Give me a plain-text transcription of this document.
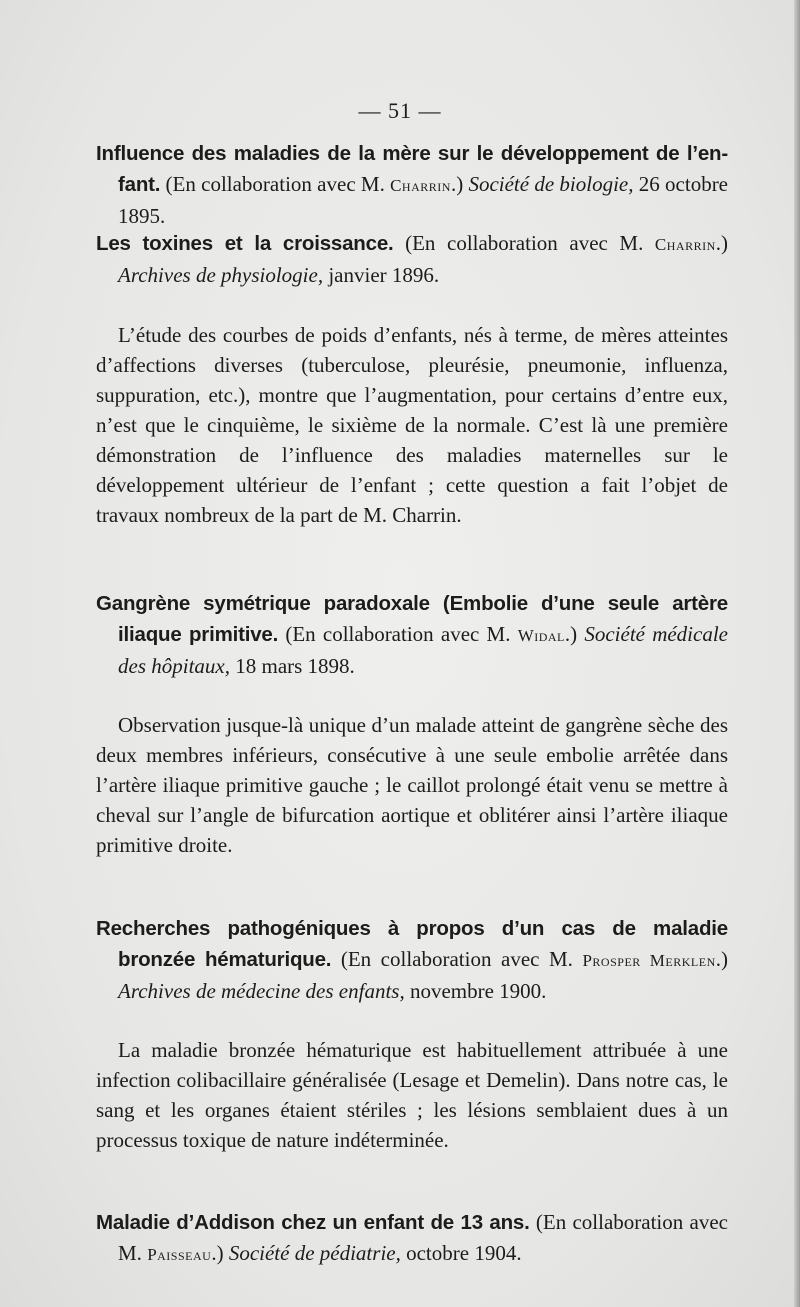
— 51 —

Influence des maladies de la mère sur le développement de l’en-fant. (En collaboration avec M. Charrin.) Société de biologie, 26 octobre 1895.

Les toxines et la croissance. (En collaboration avec M. Charrin.) Archives de physiologie, janvier 1896.

L’étude des courbes de poids d’enfants, nés à terme, de mères atteintes d’affections diverses (tuberculose, pleurésie, pneumonie, influenza, suppuration, etc.), montre que l’augmentation, pour certains d’entre eux, n’est que le cinquième, le sixième de la normale. C’est là une première démonstration de l’influence des maladies maternelles sur le développement ultérieur de l’enfant ; cette question a fait l’objet de travaux nombreux de la part de M. Charrin.

Gangrène symétrique paradoxale (Embolie d’une seule artère iliaque primitive. (En collaboration avec M. Widal.) Société médicale des hôpitaux, 18 mars 1898.

Observation jusque-là unique d’un malade atteint de gangrène sèche des deux membres inférieurs, consécutive à une seule embolie arrêtée dans l’artère iliaque primitive gauche ; le caillot prolongé était venu se mettre à cheval sur l’angle de bifurcation aortique et oblitérer ainsi l’artère iliaque primitive droite.

Recherches pathogéniques à propos d’un cas de maladie bronzée hématurique. (En collaboration avec M. Prosper Merklen.) Archives de médecine des enfants, novembre 1900.

La maladie bronzée hématurique est habituellement attribuée à une infection colibacillaire généralisée (Lesage et Demelin). Dans notre cas, le sang et les organes étaient stériles ; les lésions semblaient dues à un processus toxique de nature indéterminée.

Maladie d’Addison chez un enfant de 13 ans. (En collaboration avec M. Paisseau.) Société de pédiatrie, octobre 1904.
